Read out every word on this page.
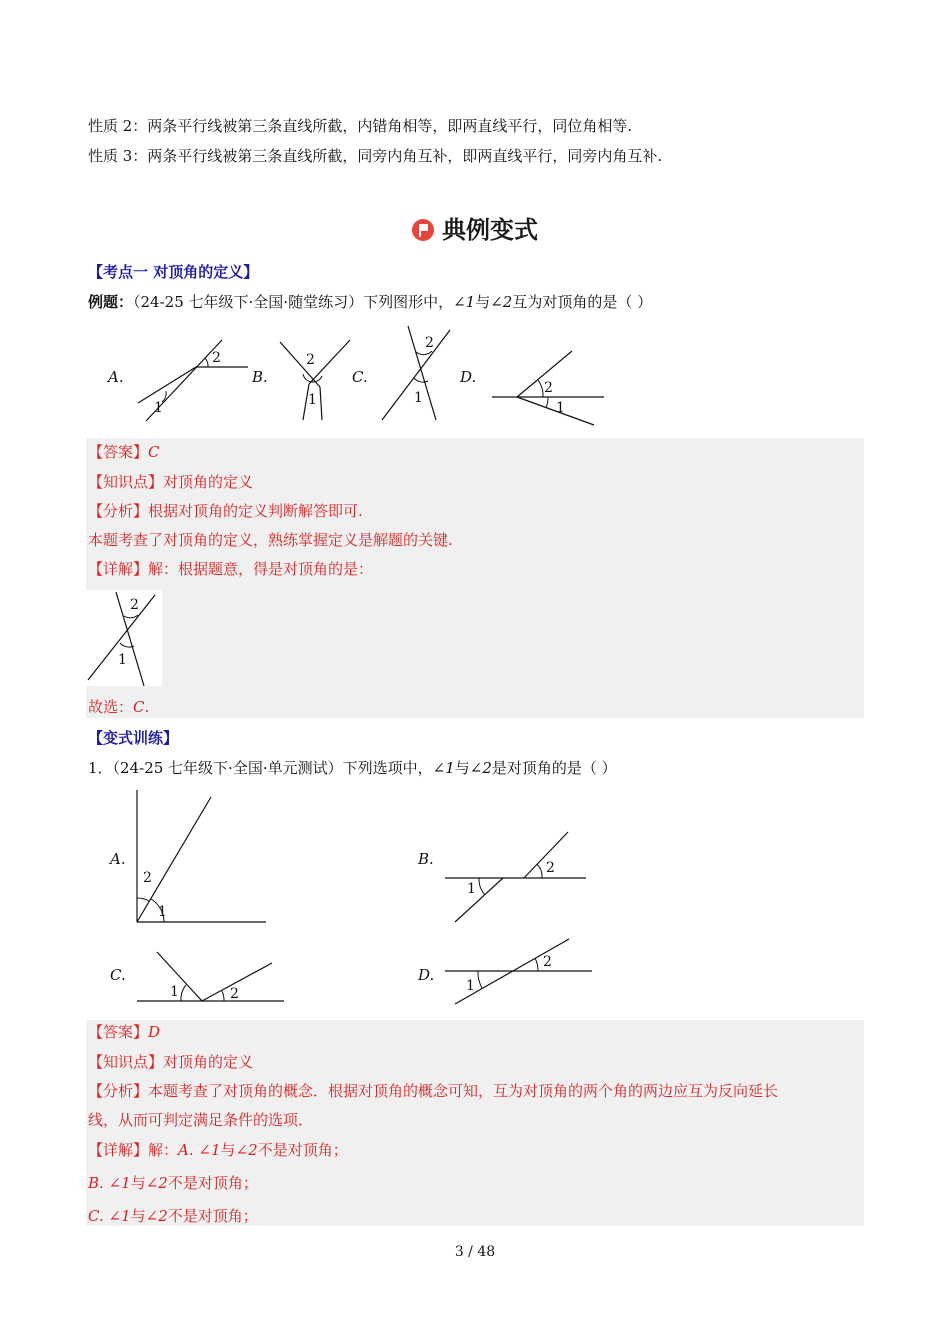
性质 2：两条平行线被第三条直线所截，内错角相等，即两直线平行，同位角相等.
性质 3：两条平行线被第三条直线所截，同旁内角互补，即两直线平行，同旁内角互补.
典例变式
【考点一 对顶角的定义】
例题：（24-25 七年级下·全国·随堂练习）下列图形中，∠1与∠2互为对顶角的是（ ）
A.
1
2
B.
2
1
C.
2
1
D.
2
1
【答案】C
【知识点】对顶角的定义
【分析】根据对顶角的定义判断解答即可.
本题考查了对顶角的定义，熟练掌握定义是解题的关键.
【详解】解：根据题意，得是对顶角的是：
2
1
故选：C.
【变式训练】
1．（24-25 七年级下·全国·单元测试）下列选项中，∠1与∠2是对顶角的是（ ）
A.
2
1
B.
1
2
C.
1	2
D.
1
2
【答案】D
【知识点】对顶角的定义
【分析】本题考查了对顶角的概念．根据对顶角的概念可知，互为对顶角的两个角的两边应互为反向延长
线，从而可判定满足条件的选项．
【详解】解：A. ∠1与∠2不是对顶角；
B. ∠1与∠2不是对顶角；
C. ∠1与∠2不是对顶角；
3 / 48
